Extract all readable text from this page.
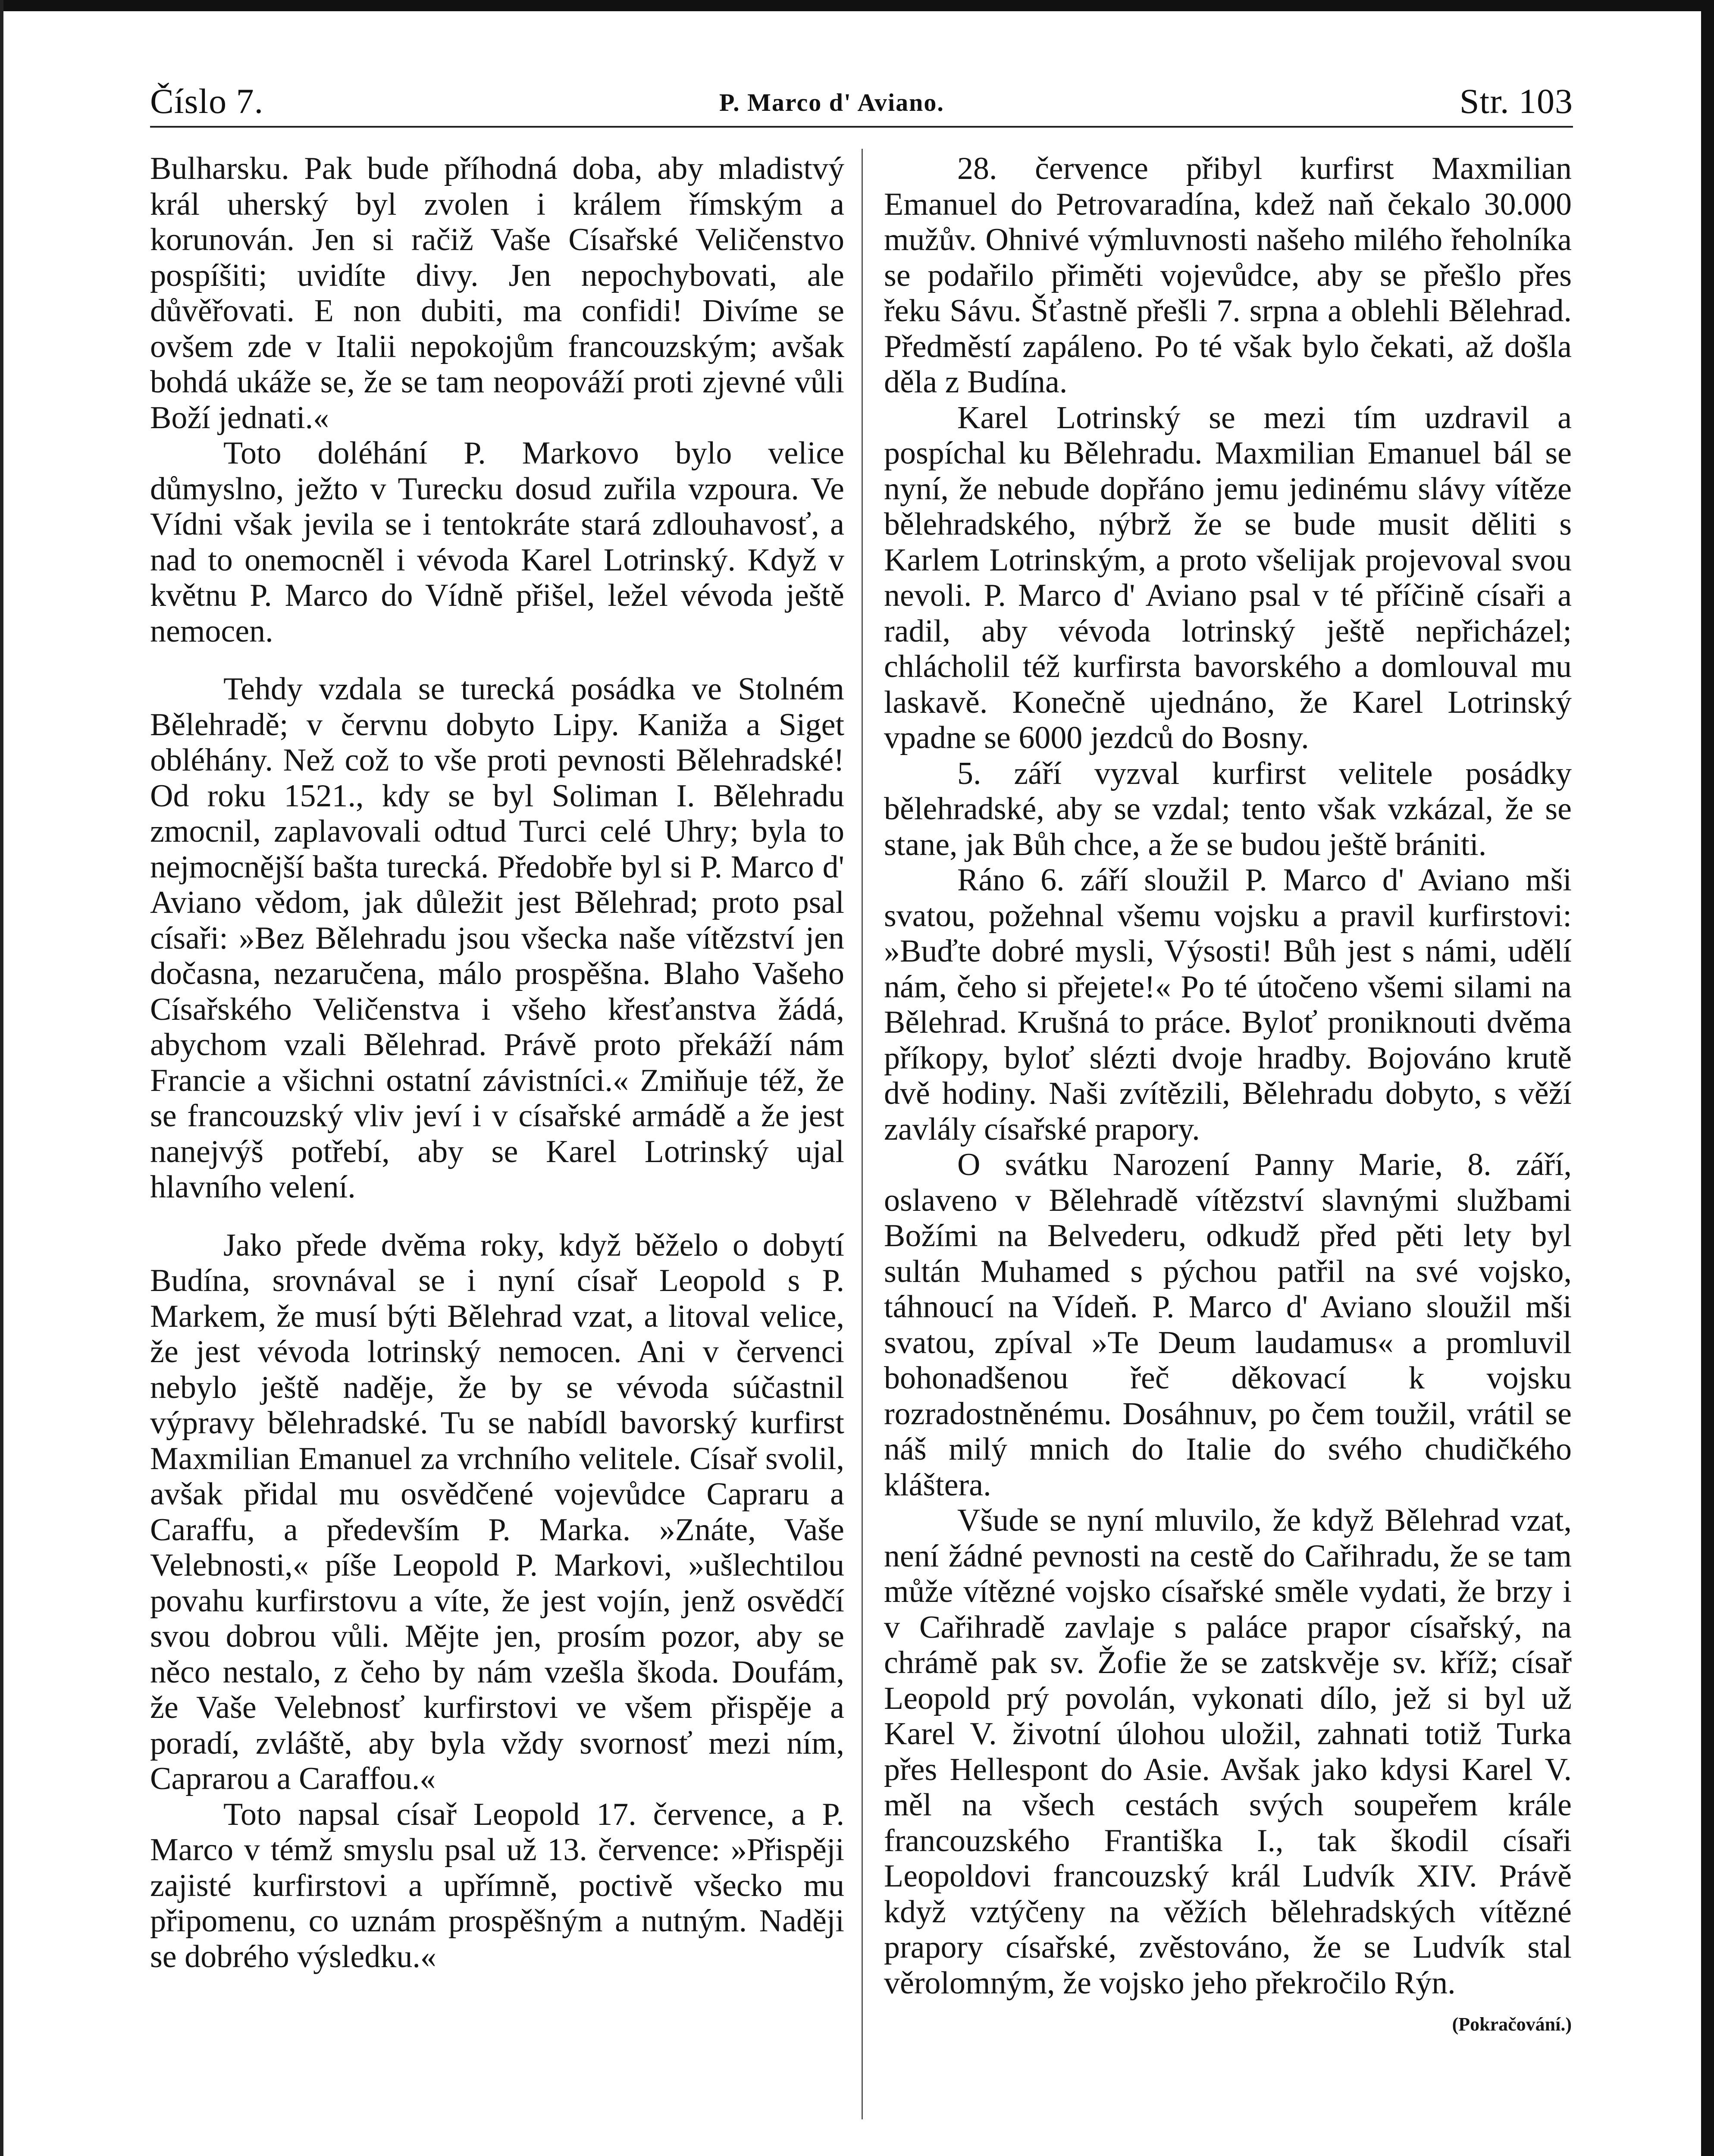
Číslo 7.	P. Marco d' Aviano.	Str. 103

Bulharsku. Pak bude příhodná doba, aby mladistvý král uherský byl zvolen i králem římským a korunován. Jen si račiž Vaše Císařské Veličenstvo pospíšiti; uvidíte divy. Jen nepochybovati, ale důvěřovati. E non dubiti, ma confidi! Divíme se ovšem zde v Italii nepokojům francouzským; avšak bohdá ukáže se, že se tam neopováží proti zjevné vůli Boží jednati.«

Toto doléhání P. Markovo bylo velice důmyslno, ježto v Turecku dosud zuřila vzpoura. Ve Vídni však jevila se i tentokráte stará zdlouhavosť, a nad to onemocněl i vévoda Karel Lotrinský. Když v květnu P. Marco do Vídně přišel, ležel vévoda ještě nemocen.

Tehdy vzdala se turecká posádka ve Stolném Bělehradě; v červnu dobyto Lipy. Kaniža a Siget obléhány. Než což to vše proti pevnosti Bělehradské! Od roku 1521., kdy se byl Soliman I. Bělehradu zmocnil, zaplavovali odtud Turci celé Uhry; byla to nejmocnější bašta turecká. Předobře byl si P. Marco d' Aviano vědom, jak důležit jest Bělehrad; proto psal císaři: »Bez Bělehradu jsou všecka naše vítězství jen dočasna, nezaručena, málo prospěšna. Blaho Vašeho Císařského Veličenstva i všeho křesťanstva žádá, abychom vzali Bělehrad. Právě proto překáží nám Francie a všichni ostatní závistníci.« Zmiňuje též, že se francouzský vliv jeví i v císařské armádě a že jest nanejvýš potřebí, aby se Karel Lotrinský ujal hlavního velení.

Jako přede dvěma roky, když běželo o dobytí Budína, srovnával se i nyní císař Leopold s P. Markem, že musí býti Bělehrad vzat, a litoval velice, že jest vévoda lotrinský nemocen. Ani v červenci nebylo ještě naděje, že by se vévoda súčastnil výpravy bělehradské. Tu se nabídl bavorský kurfirst Maxmilian Emanuel za vrchního velitele. Císař svolil, avšak přidal mu osvědčené vojevůdce Capraru a Caraffu, a především P. Marka. »Znáte, Vaše Velebnosti,« píše Leopold P. Markovi, »ušlechtilou povahu kurfirstovu a víte, že jest vojín, jenž osvědčí svou dobrou vůli. Mějte jen, prosím pozor, aby se něco nestalo, z čeho by nám vzešla škoda. Doufám, že Vaše Velebnosť kurfirstovi ve všem přispěje a poradí, zvláště, aby byla vždy svornosť mezi ním, Caprarou a Caraffou.«

Toto napsal císař Leopold 17. července, a P. Marco v témž smyslu psal už 13. července: »Přispěji zajisté kurfirstovi a upřímně, poctivě všecko mu připomenu, co uznám prospěšným a nutným. Naději se dobrého výsledku.«

28. července přibyl kurfirst Maxmilian Emanuel do Petrovaradína, kdež naň čekalo 30.000 mužův. Ohnivé výmluvnosti našeho milého řeholníka se podařilo přiměti vojevůdce, aby se přešlo přes řeku Sávu. Šťastně přešli 7. srpna a oblehli Bělehrad. Předměstí zapáleno. Po té však bylo čekati, až došla děla z Budína.

Karel Lotrinský se mezi tím uzdravil a pospíchal ku Bělehradu. Maxmilian Emanuel bál se nyní, že nebude dopřáno jemu jedinému slávy vítěze bělehradského, nýbrž že se bude musit děliti s Karlem Lotrinským, a proto všelijak projevoval svou nevoli. P. Marco d' Aviano psal v té příčině císaři a radil, aby vévoda lotrinský ještě nepřicházel; chlácholil též kurfirsta bavorského a domlouval mu laskavě. Konečně ujednáno, že Karel Lotrinský vpadne se 6000 jezdců do Bosny.

5. září vyzval kurfirst velitele posádky bělehradské, aby se vzdal; tento však vzkázal, že se stane, jak Bůh chce, a že se budou ještě brániti.

Ráno 6. září sloužil P. Marco d' Aviano mši svatou, požehnal všemu vojsku a pravil kurfirstovi: »Buďte dobré mysli, Výsosti! Bůh jest s námi, udělí nám, čeho si přejete!« Po té útočeno všemi silami na Bělehrad. Krušná to práce. Byloť proniknouti dvěma příkopy, byloť slézti dvoje hradby. Bojováno krutě dvě hodiny. Naši zvítězili, Bělehradu dobyto, s věží zavlály císařské prapory.

O svátku Narození Panny Marie, 8. září, oslaveno v Bělehradě vítězství slavnými službami Božími na Belvederu, odkudž před pěti lety byl sultán Muhamed s pýchou patřil na své vojsko, táhnoucí na Vídeň. P. Marco d' Aviano sloužil mši svatou, zpíval »Te Deum laudamus« a promluvil bohonadšenou řeč děkovací k vojsku rozradostněnému. Dosáhnuv, po čem toužil, vrátil se náš milý mnich do Italie do svého chudičkého kláštera.

Všude se nyní mluvilo, že když Bělehrad vzat, není žádné pevnosti na cestě do Cařihradu, že se tam může vítězné vojsko císařské směle vydati, že brzy i v Cařihradě zavlaje s paláce prapor císařský, na chrámě pak sv. Žofie že se zatskvěje sv. kříž; císař Leopold prý povolán, vykonati dílo, jež si byl už Karel V. životní úlohou uložil, zahnati totiž Turka přes Hellespont do Asie. Avšak jako kdysi Karel V. měl na všech cestách svých soupeřem krále francouzského Františka I., tak škodil císaři Leopoldovi francouzský král Ludvík XIV. Právě když vztýčeny na věžích bělehradských vítězné prapory císařské, zvěstováno, že se Ludvík stal věrolomným, že vojsko jeho překročilo Rýn.
(Pokračování.)
